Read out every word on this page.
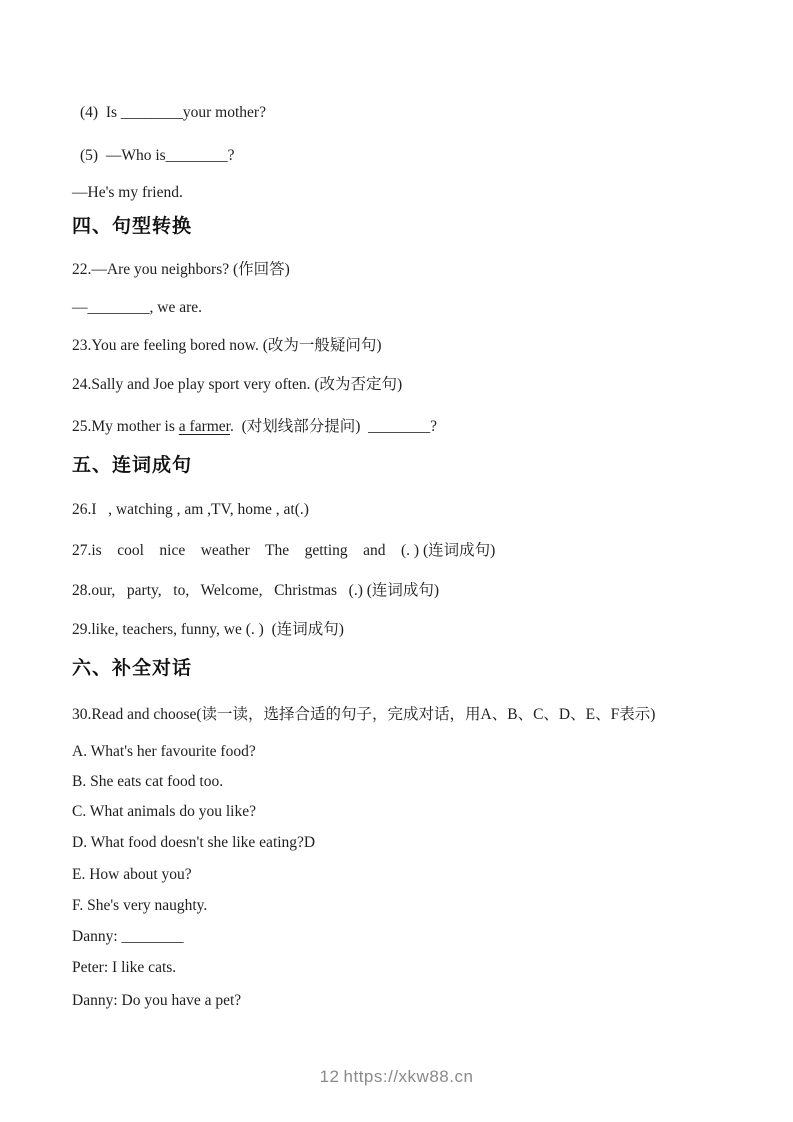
(4)  Is ________your mother?

(5)  —Who is________?

—He's my friend.

四、句型转换

22.—Are you neighbors? (作回答)

—________, we are.

23.You are feeling bored now. (改为一般疑问句)

24.Sally and Joe play sport very often. (改为否定句)

25.My mother is a farmer.  (对划线部分提问)  ________?

五、连词成句

26.I   , watching , am ,TV, home , at(.)

27.is    cool    nice    weather    The    getting    and    (. ) (连词成句)

28.our,   party,   to,   Welcome,   Christmas   (.) (连词成句)

29.like, teachers, funny, we (. )  (连词成句)

六、补全对话

30.Read and choose(读一读，选择合适的句子，完成对话，用A、B、C、D、E、F表示)

A. What's her favourite food?

B. She eats cat food too.

C. What animals do you like?

D. What food doesn't she like eating?D

E. How about you?

F. She's very naughty.

Danny: ________

Peter: I like cats.

Danny: Do you have a pet?

12 https://xkw88.cn
